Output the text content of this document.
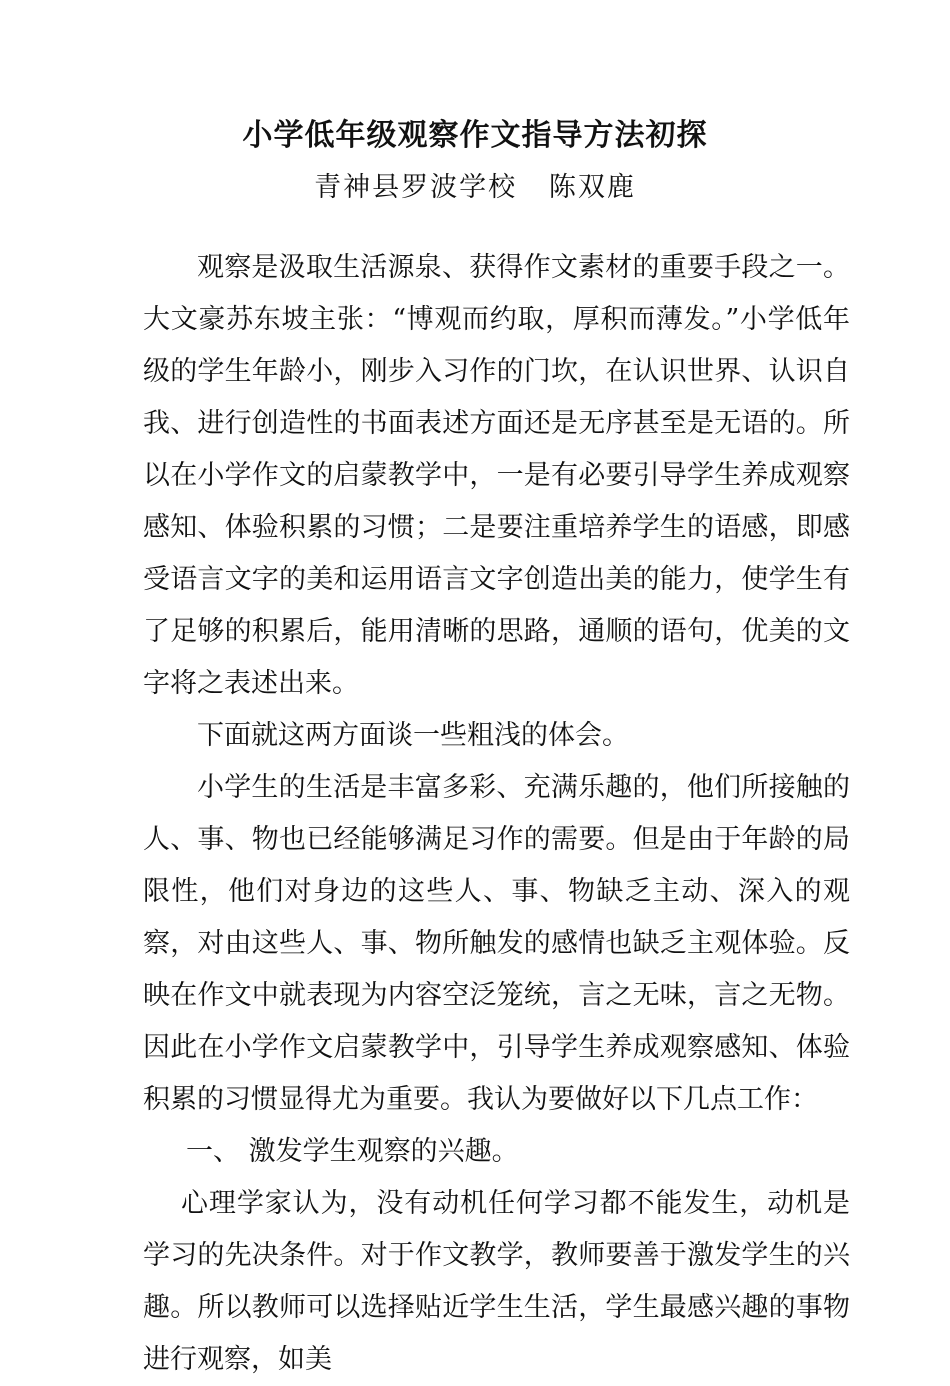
小学低年级观察作文指导方法初探
青神县罗波学校   陈双鹿

观察是汲取生活源泉、获得作文素材的重要手段之一。大文豪苏东坡主张：“博观而约取，厚积而薄发。”小学低年级的学生年龄小，刚步入习作的门坎，在认识世界、认识自我、进行创造性的书面表述方面还是无序甚至是无语的。所以在小学作文的启蒙教学中，一是有必要引导学生养成观察感知、体验积累的习惯；二是要注重培养学生的语感，即感受语言文字的美和运用语言文字创造出美的能力，使学生有了足够的积累后，能用清晰的思路，通顺的语句，优美的文字将之表述出来。

下面就这两方面谈一些粗浅的体会。

小学生的生活是丰富多彩、充满乐趣的，他们所接触的人、事、物也已经能够满足习作的需要。但是由于年龄的局限性，他们对身边的这些人、事、物缺乏主动、深入的观察，对由这些人、事、物所触发的感情也缺乏主观体验。反映在作文中就表现为内容空泛笼统，言之无味，言之无物。因此在小学作文启蒙教学中，引导学生养成观察感知、体验积累的习惯显得尤为重要。我认为要做好以下几点工作：

一、 激发学生观察的兴趣。

心理学家认为，没有动机任何学习都不能发生，动机是学习的先决条件。对于作文教学，教师要善于激发学生的兴趣。所以教师可以选择贴近学生生活，学生最感兴趣的事物进行观察，如美
